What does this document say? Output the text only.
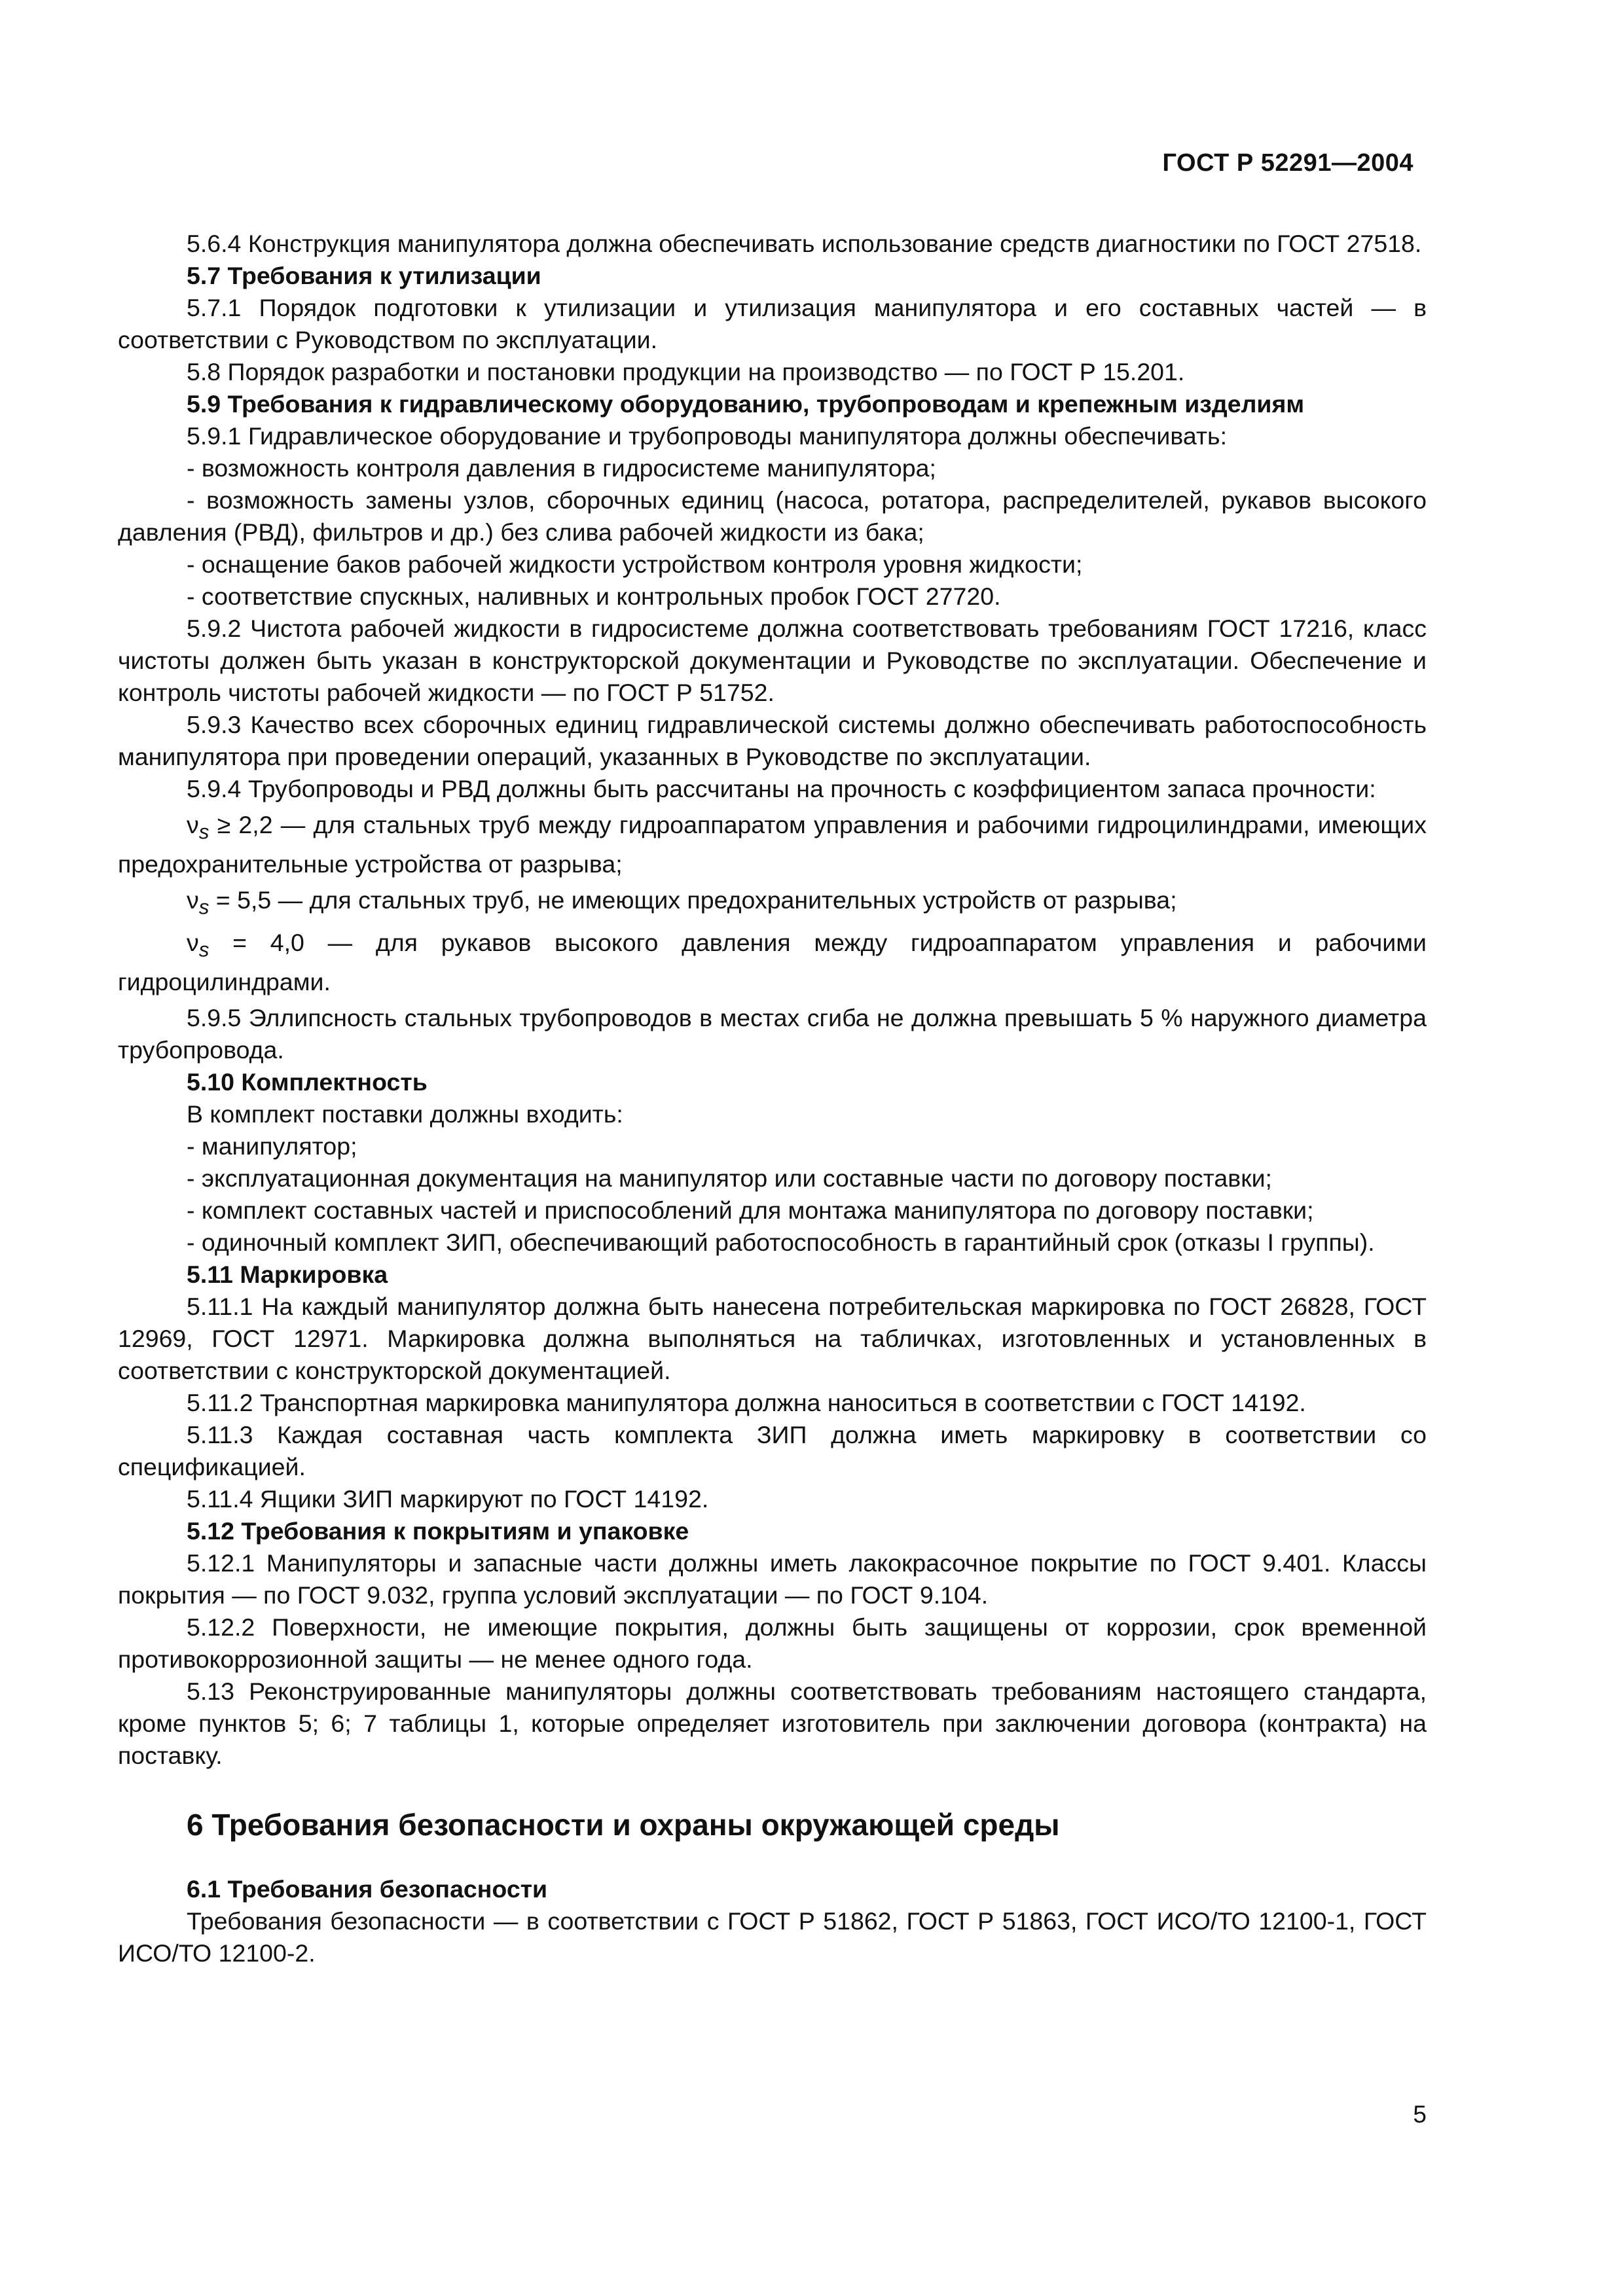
ГОСТ Р 52291—2004

5.6.4 Конструкция манипулятора должна обеспечивать использование средств диагностики по ГОСТ 27518.

5.7 Требования к утилизации

5.7.1 Порядок подготовки к утилизации и утилизация манипулятора и его составных частей — в соответствии с Руководством по эксплуатации.

5.8 Порядок разработки и постановки продукции на производство — по ГОСТ Р 15.201.

5.9 Требования к гидравлическому оборудованию, трубопроводам и крепежным изделиям

5.9.1 Гидравлическое оборудование и трубопроводы манипулятора должны обеспечивать:

- возможность контроля давления в гидросистеме манипулятора;

- возможность замены узлов, сборочных единиц (насоса, ротатора, распределителей, рукавов высокого давления (РВД), фильтров и др.) без слива рабочей жидкости из бака;

- оснащение баков рабочей жидкости устройством контроля уровня жидкости;

- соответствие спускных, наливных и контрольных пробок ГОСТ 27720.

5.9.2 Чистота рабочей жидкости в гидросистеме должна соответствовать требованиям ГОСТ 17216, класс чистоты должен быть указан в конструкторской документации и Руководстве по эксплуатации. Обеспечение и контроль чистоты рабочей жидкости — по ГОСТ Р 51752.

5.9.3 Качество всех сборочных единиц гидравлической системы должно обеспечивать работоспособность манипулятора при проведении операций, указанных в Руководстве по эксплуатации.

5.9.4 Трубопроводы и РВД должны быть рассчитаны на прочность с коэффициентом запаса прочности:

$\nu_s \ge 2,2$ — для стальных труб между гидроаппаратом управления и рабочими гидроцилиндрами, имеющих предохранительные устройства от разрыва;

$\nu_s = 5,5$ — для стальных труб, не имеющих предохранительных устройств от разрыва;

$\nu_s = 4,0$ — для рукавов высокого давления между гидроаппаратом управления и рабочими гидроцилиндрами.

5.9.5 Эллипсность стальных трубопроводов в местах сгиба не должна превышать 5 % наружного диаметра трубопровода.

5.10 Комплектность

В комплект поставки должны входить:

- манипулятор;

- эксплуатационная документация на манипулятор или составные части по договору поставки;

- комплект составных частей и приспособлений для монтажа манипулятора по договору поставки;

- одиночный комплект ЗИП, обеспечивающий работоспособность в гарантийный срок (отказы I группы).

5.11 Маркировка

5.11.1 На каждый манипулятор должна быть нанесена потребительская маркировка по ГОСТ 26828, ГОСТ 12969, ГОСТ 12971. Маркировка должна выполняться на табличках, изготовленных и установленных в соответствии с конструкторской документацией.

5.11.2 Транспортная маркировка манипулятора должна наноситься в соответствии с ГОСТ 14192.

5.11.3 Каждая составная часть комплекта ЗИП должна иметь маркировку в соответствии со спецификацией.

5.11.4 Ящики ЗИП маркируют по ГОСТ 14192.

5.12 Требования к покрытиям и упаковке

5.12.1 Манипуляторы и запасные части должны иметь лакокрасочное покрытие по ГОСТ 9.401. Классы покрытия — по ГОСТ 9.032, группа условий эксплуатации — по ГОСТ 9.104.

5.12.2 Поверхности, не имеющие покрытия, должны быть защищены от коррозии, срок временной противокоррозионной защиты — не менее одного года.

5.13 Реконструированные манипуляторы должны соответствовать требованиям настоящего стандарта, кроме пунктов 5; 6; 7 таблицы 1, которые определяет изготовитель при заключении договора (контракта) на поставку.

6 Требования безопасности и охраны окружающей среды

6.1 Требования безопасности

Требования безопасности — в соответствии с ГОСТ Р 51862, ГОСТ Р 51863, ГОСТ ИСО/ТО 12100-1, ГОСТ ИСО/ТО 12100-2.

5
